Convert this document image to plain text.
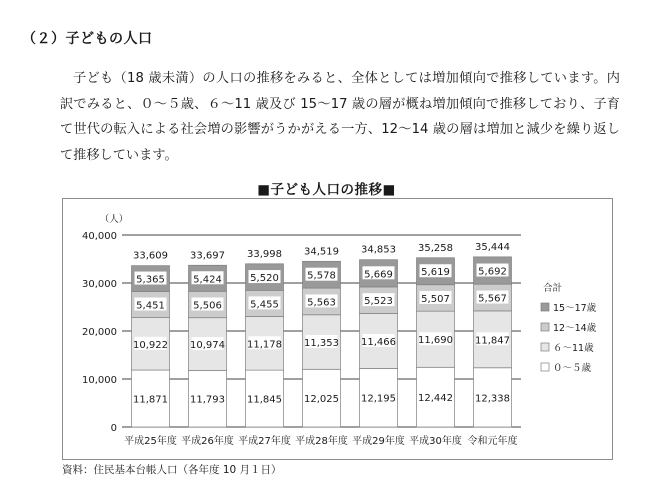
（２）子どもの人口
子ども（18 歳未満）の人口の推移をみると、全体としては増加傾向で推移しています。内訳でみると、０～５歳、６～11 歳及び 15～17 歳の層が概ね増加傾向で推移しており、子育て世代の転入による社会増の影響がうかがえる一方、12～14 歳の層は増加と減少を繰り返して推移しています。
■子ども人口の推移■
0
10,000
20,000
30,000
40,000
（人）
11,871
10,922
5,451
5,365
33,609
平成25年度
11,793
10,974
5,506
5,424
33,697
平成26年度
11,845
11,178
5,455
5,520
33,998
平成27年度
12,025
11,353
5,563
5,578
34,519
平成28年度
12,195
11,466
5,523
5,669
34,853
平成29年度
12,442
11,690
5,507
5,619
35,258
平成30年度
12,338
11,847
5,567
5,692
35,444
令和元年度
合計
15～17歳
12～14歳
６～11歳
０～５歳
資料：住民基本台帳人口（各年度 10 月１日）
